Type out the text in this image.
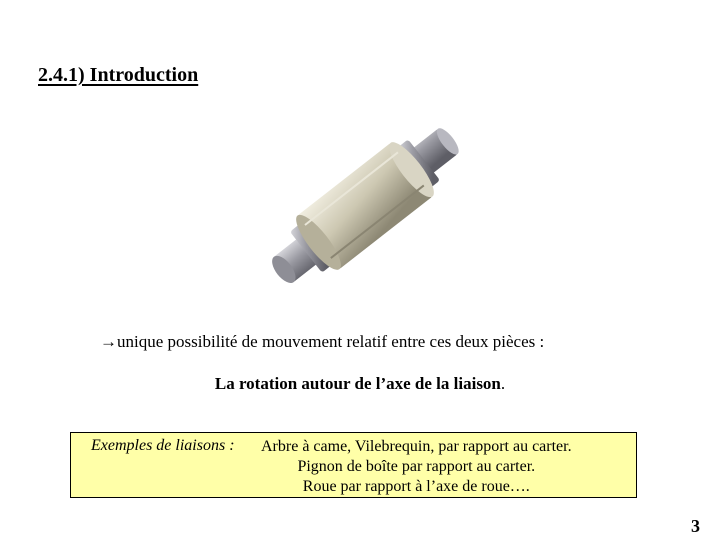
2.4.1) Introduction
→unique possibilité de mouvement relatif entre ces deux pièces :
La rotation autour de l’axe de la liaison.
Exemples de liaisons : Arbre à came, Vilebrequin, par rapport au carter.
Pignon de boîte par rapport au carter.
Roue par rapport à l’axe de roue….
3
